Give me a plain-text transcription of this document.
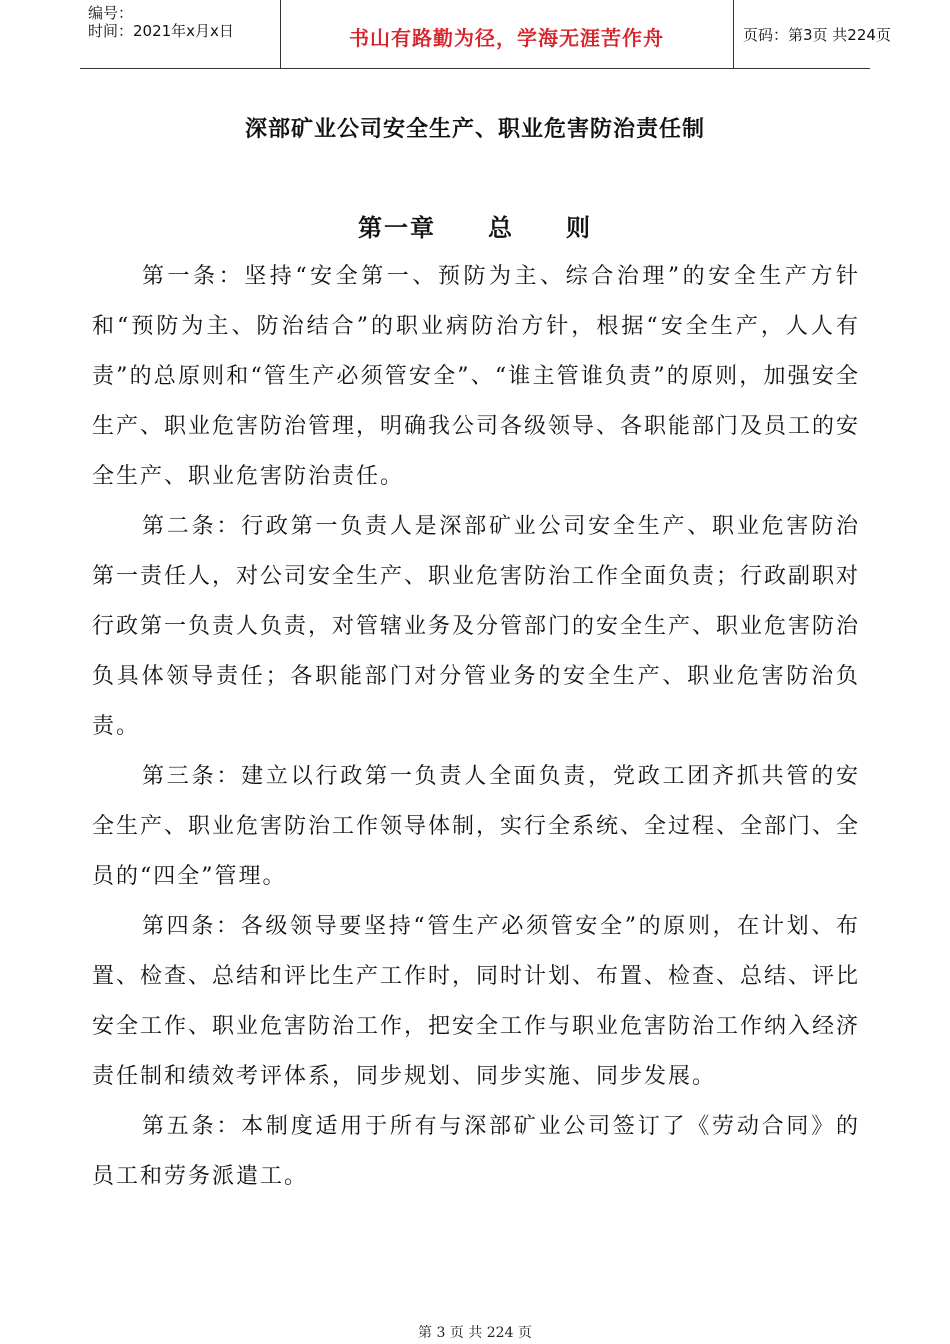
编号：
时间：2021年x月x日	书山有路勤为径，学海无涯苦作舟	页码：第3页 共224页
深部矿业公司安全生产、职业危害防治责任制
第一章　　总　　则

第一条：坚持“安全第一、预防为主、综合治理”的安全生产方针和“预防为主、防治结合”的职业病防治方针，根据“安全生产，人人有责”的总原则和“管生产必须管安全”、“谁主管谁负责”的原则，加强安全生产、职业危害防治管理，明确我公司各级领导、各职能部门及员工的安全生产、职业危害防治责任。

第二条：行政第一负责人是深部矿业公司安全生产、职业危害防治第一责任人，对公司安全生产、职业危害防治工作全面负责；行政副职对行政第一负责人负责，对管辖业务及分管部门的安全生产、职业危害防治负具体领导责任；各职能部门对分管业务的安全生产、职业危害防治负责。

第三条：建立以行政第一负责人全面负责，党政工团齐抓共管的安全生产、职业危害防治工作领导体制，实行全系统、全过程、全部门、全员的“四全”管理。

第四条：各级领导要坚持“管生产必须管安全”的原则，在计划、布置、检查、总结和评比生产工作时，同时计划、布置、检查、总结、评比安全工作、职业危害防治工作，把安全工作与职业危害防治工作纳入经济责任制和绩效考评体系，同步规划、同步实施、同步发展。

第五条：本制度适用于所有与深部矿业公司签订了《劳动合同》的员工和劳务派遣工。

第 3 页 共 224 页
